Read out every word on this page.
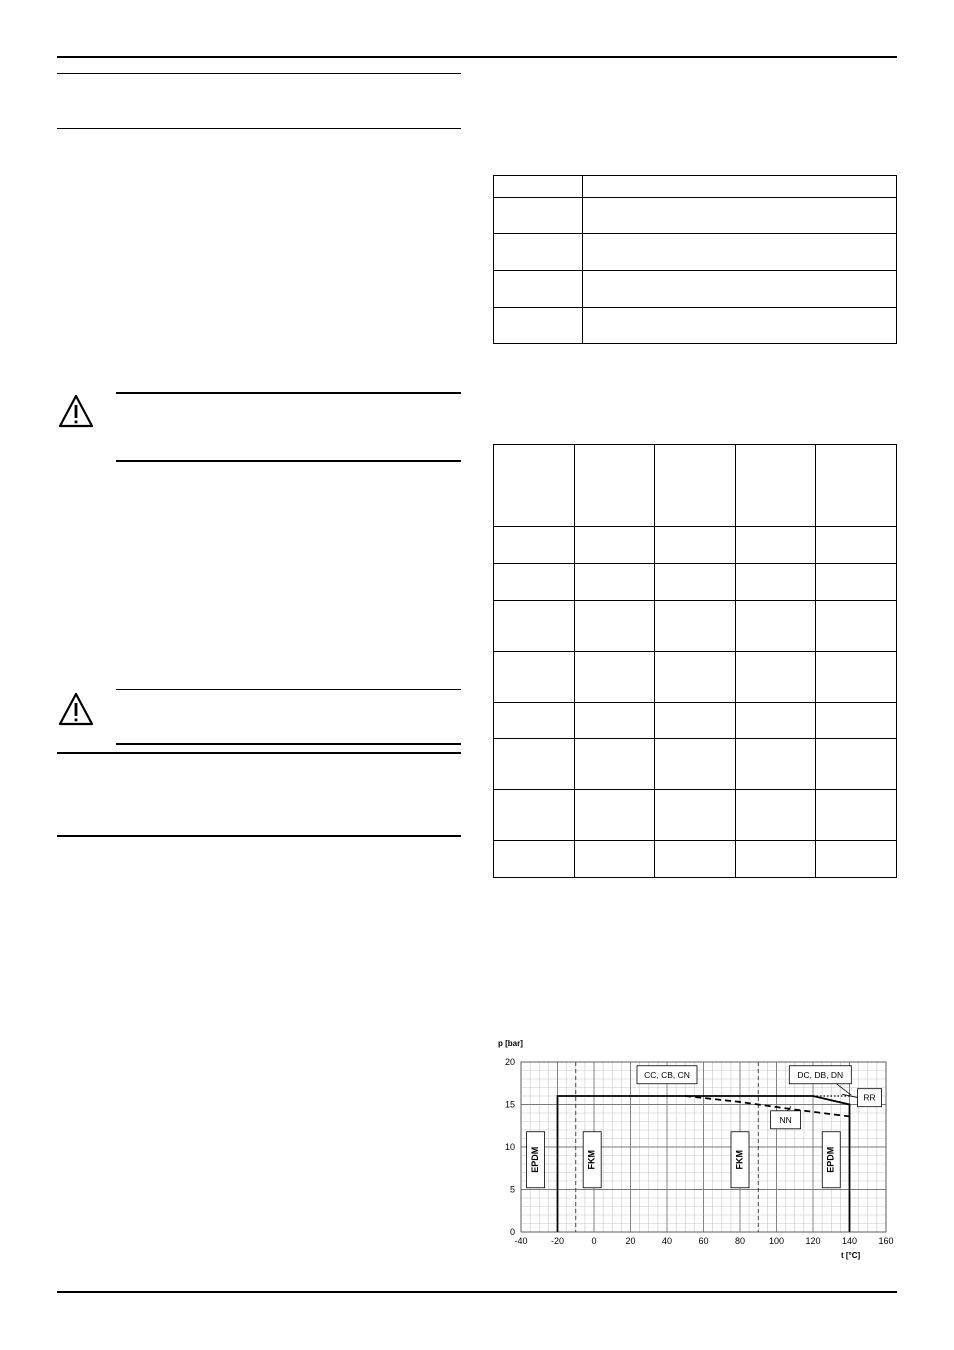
-40	-20	0	20	40	60	80	100 120 140 160
0
5
10
15
20
p [bar]
t [°C]
EPDM	FKM	FKM	EPDM
CC, CB, CN	DC, DB, DN
RR
NN
